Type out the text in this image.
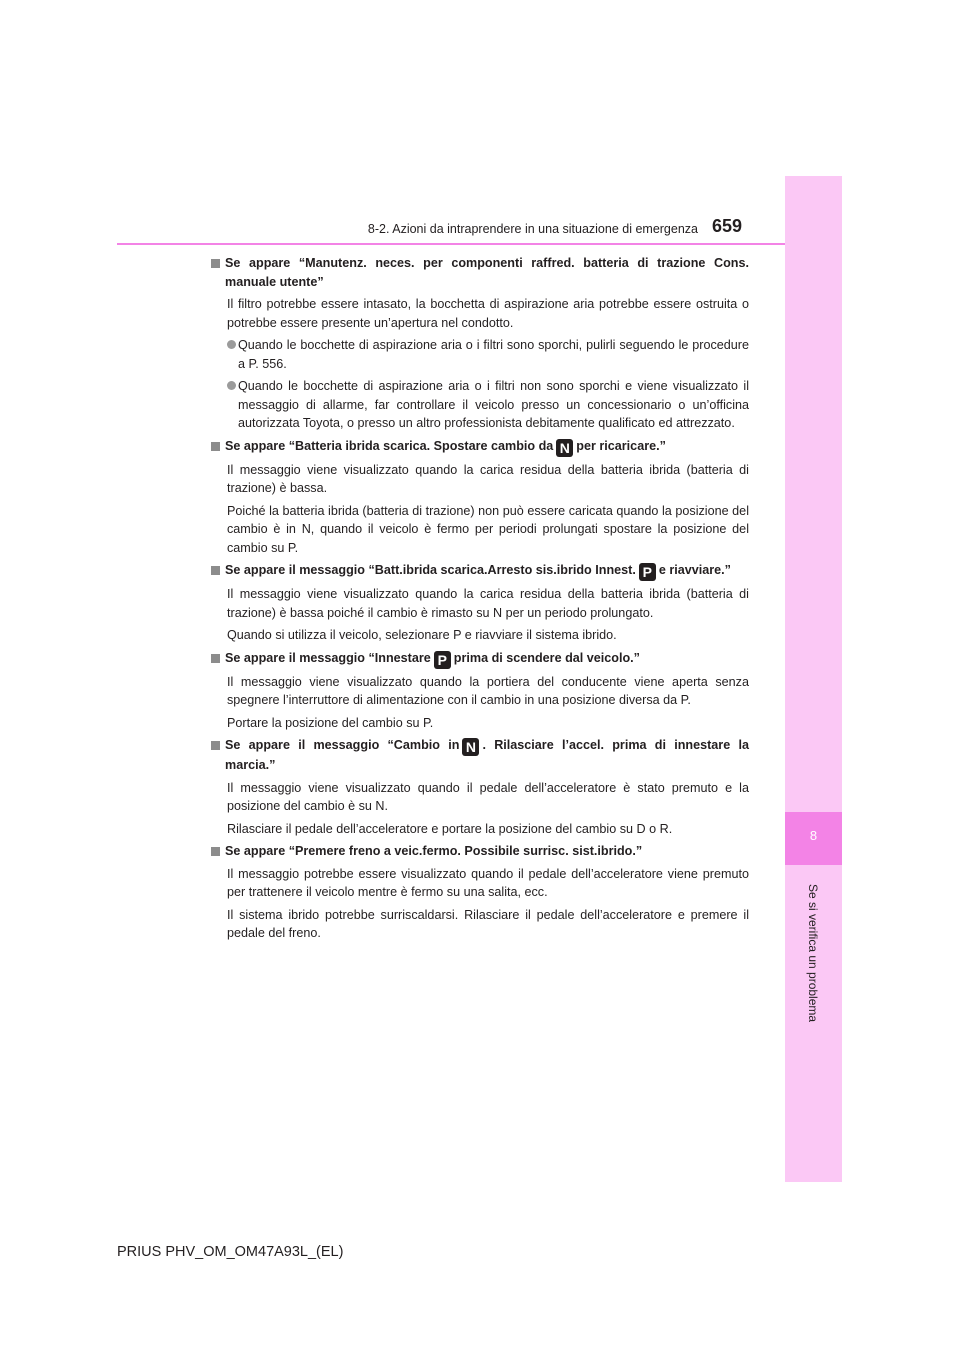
8
Se si verifica un problema
8-2. Azioni da intraprendere in una situazione di emergenza 659
Se appare “Manutenz. neces. per componenti raffred. batteria di trazione Cons. manuale utente”
Il filtro potrebbe essere intasato, la bocchetta di aspirazione aria potrebbe essere ostruita o potrebbe essere presente un’apertura nel condotto.
Quando le bocchette di aspirazione aria o i filtri sono sporchi, pulirli seguendo le procedure a P. 556.
Quando le bocchette di aspirazione aria o i filtri non sono sporchi e viene visualizzato il messaggio di allarme, far controllare il veicolo presso un concessionario o un’officina autorizzata Toyota, o presso un altro professionista debitamente qualificato ed attrezzato.
Se appare “Batteria ibrida scarica. Spostare cambio da N per ricaricare.”
Il messaggio viene visualizzato quando la carica residua della batteria ibrida (batteria di trazione) è bassa.
Poiché la batteria ibrida (batteria di trazione) non può essere caricata quando la posizione del cambio è in N, quando il veicolo è fermo per periodi prolungati spostare la posizione del cambio su P.
Se appare il messaggio “Batt.ibrida scarica.Arresto sis.ibrido Innest. P e riavviare.”
Il messaggio viene visualizzato quando la carica residua della batteria ibrida (batteria di trazione) è bassa poiché il cambio è rimasto su N per un periodo prolungato.
Quando si utilizza il veicolo, selezionare P e riavviare il sistema ibrido.
Se appare il messaggio “Innestare P prima di scendere dal veicolo.”
Il messaggio viene visualizzato quando la portiera del conducente viene aperta senza spegnere l’interruttore di alimentazione con il cambio in una posizione diversa da P.
Portare la posizione del cambio su P.
Se appare il messaggio “Cambio in N . Rilasciare l’accel. prima di innestare la marcia.”
Il messaggio viene visualizzato quando il pedale dell’acceleratore è stato premuto e la posizione del cambio è su N.
Rilasciare il pedale dell’acceleratore e portare la posizione del cambio su D o R.
Se appare “Premere freno a veic.fermo. Possibile surrisc. sist.ibrido.”
Il messaggio potrebbe essere visualizzato quando il pedale dell’acceleratore viene premuto per trattenere il veicolo mentre è fermo su una salita, ecc.
Il sistema ibrido potrebbe surriscaldarsi. Rilasciare il pedale dell’acceleratore e premere il pedale del freno.
PRIUS PHV_OM_OM47A93L_(EL)
